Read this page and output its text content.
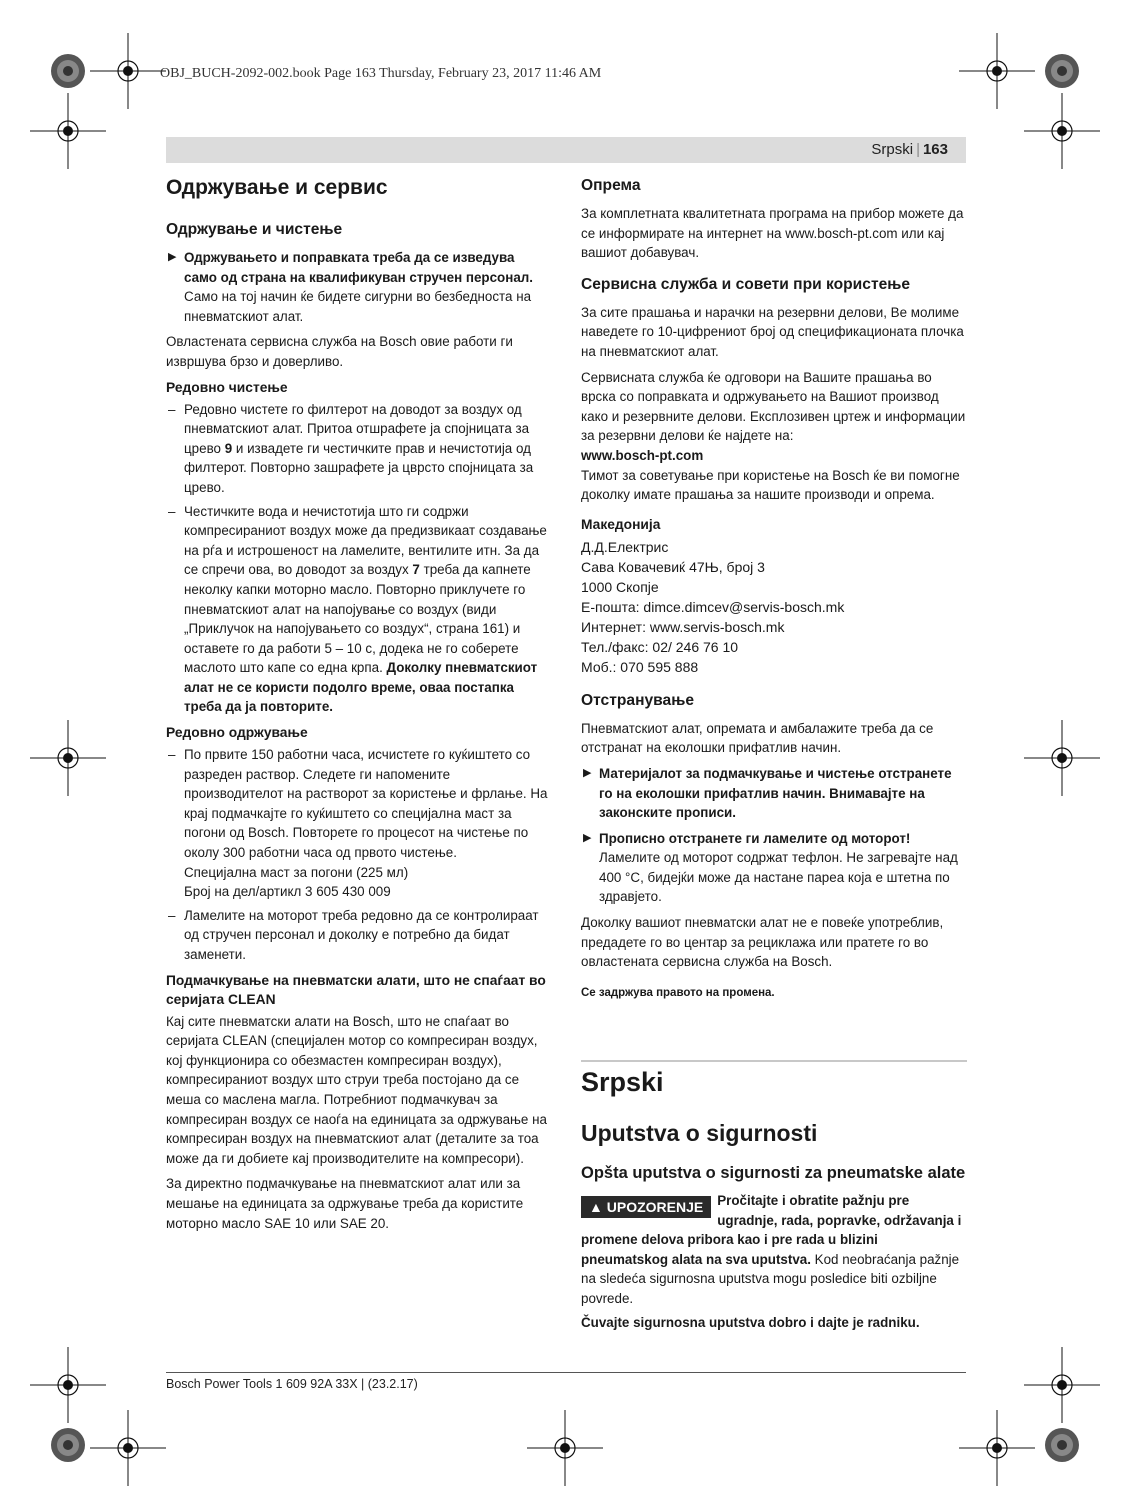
OBJ_BUCH-2092-002.book Page 163 Thursday, February 23, 2017 11:46 AM
Srpski | 163
Одржување и сервис
Одржување и чистење
▶ Одржувањето и поправката треба да се изведува само од страна на квалификуван стручен персонал. Само на тој начин ќе бидете сигурни во безбедноста на пневматскиот алат.

Овластената сервисна служба на Bosch овие работи ги извршува брзо и доверливо.

Редовно чистење
– Редовно чистете го филтерот на доводот за воздух од пневматскиот алат. Притоа отшрафете ја спојницата за црево 9 и извадете ги честичките прав и нечистотија од филтерот. Повторно зашрафете ја цврсто спојницата за црево.
– Честичките вода и нечистотија што ги содржи компресираниот воздух може да предизвикаат создавање на рѓа и истрошеност на ламелите, вентилите итн. За да се спречи ова, во доводот за воздух 7 треба да капнете неколку капки моторно масло. Повторно приклучете го пневматскиот алат на напојување со воздух (види „Приклучок на напојувањето со воздух“, страна 161) и оставете го да работи 5 – 10 с, додека не го соберете маслото што капе со една крпа. Доколку пневматскиот алат не се користи подолго време, оваа постапка треба да ја повторите.
Редовно одржување
– По првите 150 работни часа, исчистете го куќиштето со разреден раствор. Следете ги напомените производителот на растворот за користење и фрлање. На крај подмачкајте го куќиштето со специјална маст за погони од Bosch. Повторете го процесот на чистење по околу 300 работни часа од првото чистење.
Специјална маст за погони (225 мл)
Број на дел/артикл 3 605 430 009
– Ламелите на моторот треба редовно да се контролираат од стручен персонал и доколку е потребно да бидат заменети.
Подмачкување на пневматски алати, што не спаѓаат во серијата CLEAN

Кај сите пневматски алати на Bosch, што не спаѓаат во серијата CLEAN (специјален мотор со компресиран воздух, кој функционира со обезмастен компресиран воздух), компресираниот воздух што струи треба постојано да се меша со маслена магла. Потребниот подмачкувач за компресиран воздух се наоѓа на единицата за одржување на компресиран воздух на пневматскиот алат (деталите за тоа може да ги добиете кај производителите на компресори).

За директно подмачкување на пневматскиот алат или за мешање на единицата за одржување треба да користите моторно масло SAE 10 или SAE 20.

Опрема

За комплетната квалитетната програма на прибор можете да се информирате на интернет на www.bosch-pt.com или кај вашиот добавувач.

Сервисна служба и совети при користење

За сите прашања и нарачки на резервни делови, Ве молиме наведете го 10-цифрениот број од спецификационата плочка на пневматскиот алат.

Сервисната служба ќе одговори на Вашите прашања во врска со поправката и одржувањето на Вашиот производ како и резервните делови. Експлозивен цртеж и информации за резервни делови ќе најдете на:

www.bosch-pt.com

Тимот за советување при користење на Bosch ќе ви помогне доколку имате прашања за нашите производи и опрема.

Македонија
Д.Д.Електрис
Сава Ковачевиќ 47Њ, број 3
1000 Скопје
Е-пошта: dimce.dimcev@servis-bosch.mk
Интернет: www.servis-bosch.mk
Тел./факс: 02/ 246 76 10
Моб.: 070 595 888
Отстранување

Пневматскиот алат, опремата и амбалажите треба да се отстранат на еколошки прифатлив начин.

▶ Материјалот за подмачкување и чистење отстранете го на еколошки прифатлив начин. Внимавајте на законските прописи.
▶ Прописно отстранете ги ламелите од моторот! Ламелите од моторот содржат тефлон. Не загревајте над 400 °C, бидејќи може да настане пареа која е штетна по здравјето.

Доколку вашиот пневматски алат не е повеќе употреблив, предадете го во центар за рециклажа или пратете го во овластената сервисна служба на Bosch.

Се задржува правото на промена.
Srpski
Uputstva o sigurnosti
Opšta uputstva o sigurnosti za pneumatske alate

▲ UPOZORENJE	Pročitajte i obratite pažnju pre ugradnje, rada, popravke, održavanja i promene delova pribora kao i pre rada u blizini pneumatskog alata na sva uputstva. Kod neobraćanja pažnje na sledeća sigurnosna uputstva mogu posledice biti ozbiljne povrede.

Čuvajte sigurnosna uputstva dobro i dajte je radniku.
Bosch Power Tools 1 609 92A 33X | (23.2.17)
